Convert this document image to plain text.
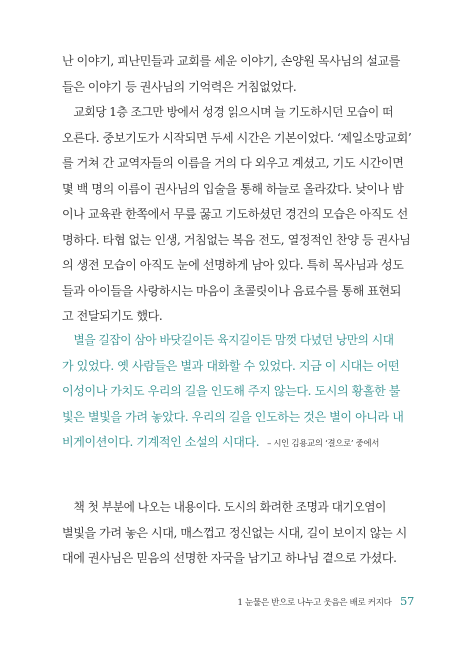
난 이야기, 피난민들과 교회를 세운 이야기, 손양원 목사님의 설교를
들은 이야기 등 권사님의 기억력은 거침없었다.
교회당 1층 조그만 방에서 성경 읽으시며 늘 기도하시던 모습이 떠
오른다. 중보기도가 시작되면 두세 시간은 기본이었다. ‘제일소망교회’
를 거쳐 간 교역자들의 이름을 거의 다 외우고 계셨고, 기도 시간이면
몇 백 명의 이름이 권사님의 입술을 통해 하늘로 올라갔다. 낮이나 밤
이나 교육관 한쪽에서 무릎 꿇고 기도하셨던 경건의 모습은 아직도 선
명하다. 타협 없는 인생, 거침없는 복음 전도, 열정적인 찬양 등 권사님
의 생전 모습이 아직도 눈에 선명하게 남아 있다. 특히 목사님과 성도
들과 아이들을 사랑하시는 마음이 초콜릿이나 음료수를 통해 표현되
고 전달되기도 했다.
별을 길잡이 삼아 바닷길이든 육지길이든 맘껏 다녔던 낭만의 시대
가 있었다. 옛 사람들은 별과 대화할 수 있었다. 지금 이 시대는 어떤
이성이나 가치도 우리의 길을 인도해 주지 않는다. 도시의 황홀한 불
빛은 별빛을 가려 놓았다. 우리의 길을 인도하는 것은 별이 아니라 내
비게이션이다. 기계적인 소설의 시대다. – 시인 김용교의 ‘결으로’ 중에서
책 첫 부분에 나오는 내용이다. 도시의 화려한 조명과 대기오염이
별빛을 가려 놓은 시대, 매스껍고 정신없는 시대, 길이 보이지 않는 시
대에 권사님은 믿음의 선명한 자국을 남기고 하나님 곁으로 가셨다.
1 눈물은 반으로 나누고 웃음은 배로 커지다 57
